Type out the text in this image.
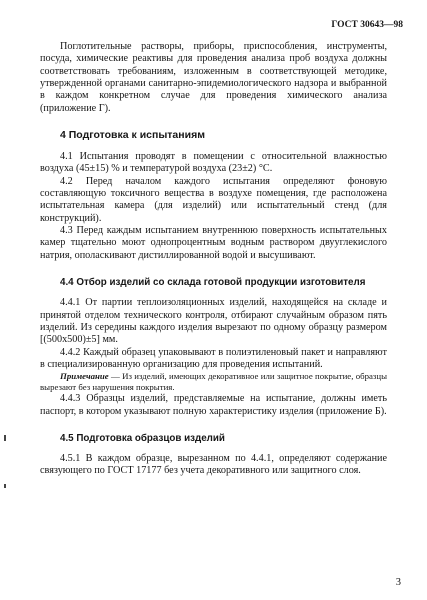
ГОСТ 30643—98

Поглотительные растворы, приборы, приспособления, инструменты, посуда, химические реактивы для проведения анализа проб воздуха должны соответствовать требованиям, изложенным в соответствующей методике, утвержденной органами санитарно-эпидемиологического надзора и выбранной в каждом конкретном случае для проведения химического анализа (приложение Г).

4 Подготовка к испытаниям

4.1 Испытания проводят в помещении с относительной влажностью воздуха (45±15) % и температурой воздуха (23±2) °С.

4.2 Перед началом каждого испытания определяют фоновую составляющую токсичного вещества в воздухе помещения, где расположена испытательная камера (для изделий) или испытательный стенд (для конструкций).

4.3 Перед каждым испытанием внутреннюю поверхность испытательных камер тщательно моют однопроцентным водным раствором двууглекислого натрия, ополаскивают дистиллированной водой и высушивают.

4.4 Отбор изделий со склада готовой продукции изготовителя

4.4.1 От партии теплоизоляционных изделий, находящейся на складе и принятой отделом технического контроля, отбирают случайным образом пять изделий. Из середины каждого изделия вырезают по одному образцу размером [(500х500)±5] мм.

4.4.2 Каждый образец упаковывают в полиэтиленовый пакет и направляют в специализированную организацию для проведения испытаний.

Примечание — Из изделий, имеющих декоративное или защитное покрытие, образцы вырезают без нарушения покрытия.

4.4.3 Образцы изделий, представляемые на испытание, должны иметь паспорт, в котором указывают полную характеристику изделия (приложение Б).

4.5 Подготовка образцов изделий

4.5.1 В каждом образце, вырезанном по 4.4.1, определяют содержание связующего по ГОСТ 17177 без учета декоративного или защитного слоя.

3
